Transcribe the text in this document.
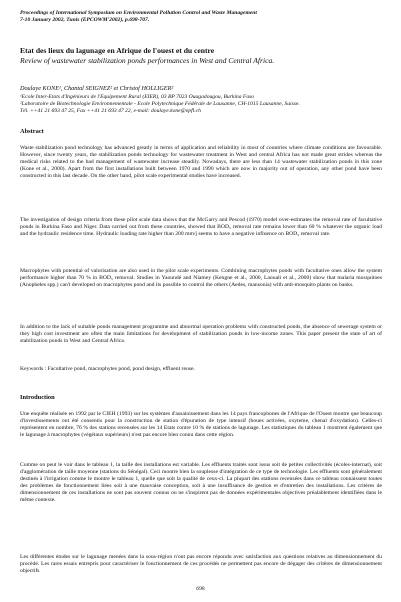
Proceedings of International Symposium on Environmental Pollution Control and Waste Management
7-10 January 2002, Tunis (EPCOWM'2002), p.698-707.
Etat des lieux du lagunage en Afrique de l'ouest et du centre
Review of wastewater stabilization ponds performances in West and Central Africa.
Doulaye KONE¹, Chantal SEIGNEZ² et Christof HOLLIGER²
¹Ecole Inter-Etats d'Ingénieurs de l'Equipement Rural (EIER), 03 BP 7023 Ouagadougou, Burkina Faso
²Laboratoire de Biotechnologie Environnementale - Ecole Polytechnique Fédérale de Lausanne, CH-1015 Lausanne, Suisse.
Tél. ++41 21 693 47 25, Fax ++41 21 693 47 22, e-mail: doulaye.kone@epfl.ch
Abstract
Waste stabilization pond technology has advanced greatly in terms of application and reliability in most of countries where climate conditions are favourable. However, since twenty years, the stabilization ponds technology for wastewater treatment in West and central Africa has not made great strides whereas the medical risks related to the bad management of wastewater increase steadily. Nowadays, there are less than 14 wastewater stabilization ponds in this zone (Kone et al., 2000). Apart from the first installations built between 1970 and 1990 which are now in majority out of operation, any other pond have been constructed in this last decade. On the other hand, pilot scale experimental studies have increased.
The investigation of design criteria from these pilot scale data shows that the McGarry and Pescod (1970) model over-estimates the removal rate of facultative ponds in Burkina Faso and Niger. Data carried out from these countries, showed that BOD₅ removal rate remains lower than 60 % whatever the organic load and the hydraulic residence time. Hydraulic loading rate higher than 200 mm/j seems to have a negative influence on BOD₅ removal rate.
Macrophytes with potential of valorisation are also used in the pilot scale experiments. Combining macrophytes ponds with facultative ones allow the system performance higher than 70 % in BOD₅ removal. Studies in Yaoundé and Niamey (Kengne et al., 2000, Laouali et al., 2000) show that malaria mosquitoes (Anopheles spp.) can't developed on macrophytes pond and its possible to control the others (Aedes, mansonia) with anti-mosquito plants on banks.
In addition to the lack of suitable ponds management programme and abnormal operation problems with constructed ponds, the absence of sewerage system or they high cost investment are often the main limitations for development of stabilization ponds in low-income zones. This paper present the state of art of stabilization ponds in West and Central Africa.
Keywords : Facultative pond, macrophytes pond, pond design, effluent reuse.
Introduction
Une enquête réalisée en 1992 par le CIEH (1993) sur les systèmes d'assainissement dans les 14 pays francophones de l'Afrique de l'Ouest montre que beaucoup d'investissements ont été consentis pour la construction de station d'épuration de type intensif (boues activées, oxyteme, chenal d'oxydation). Celles-ci représentent en nombre, 76 % des stations recensées sur les 14 Etats contre 10 % de stations de lagunage. Les statistiques du tableau 1 montrent également que le lagunage à macrophytes (végétaux supérieurs) n'est pas encore bien connu dans cette région.
Comme on peut le voir dans le tableau 1, la taille des installations est variable. Les effluents traités sont issus soit de petites collectivités (écoles-internat), soit d'agglomération de taille moyenne (stations du Sénégal). Ceci montre bien la souplesse d'intégration de ce type de technologie. Les effluents sont généralement destinés à l'irrigation comme le montre le tableau 1, quelle que soit la qualité de ceux-ci. La plupart des stations recensées dans ce tableau connaissent toutes des problèmes de fonctionnement liées soit à une mauvaise conception, soit à une insuffisance de gestion et d'entretien des installations. Les critères de dimensionnement de ces installations ne sont pas souvent connus ou ne s'inspirent pas de données expérimentales objectives préalablement identifiées dans le même contexte.
Les différentes études sur le lagunage menées dans la sous-région n'ont pas encore répondu avec satisfaction aux questions relatives au dimensionnement du procédé. Les rares essais entrepris pour caractériser le fonctionnement de ces procédés ne permettent pas encore de dégager des critères de dimensionnement objectifs
698
